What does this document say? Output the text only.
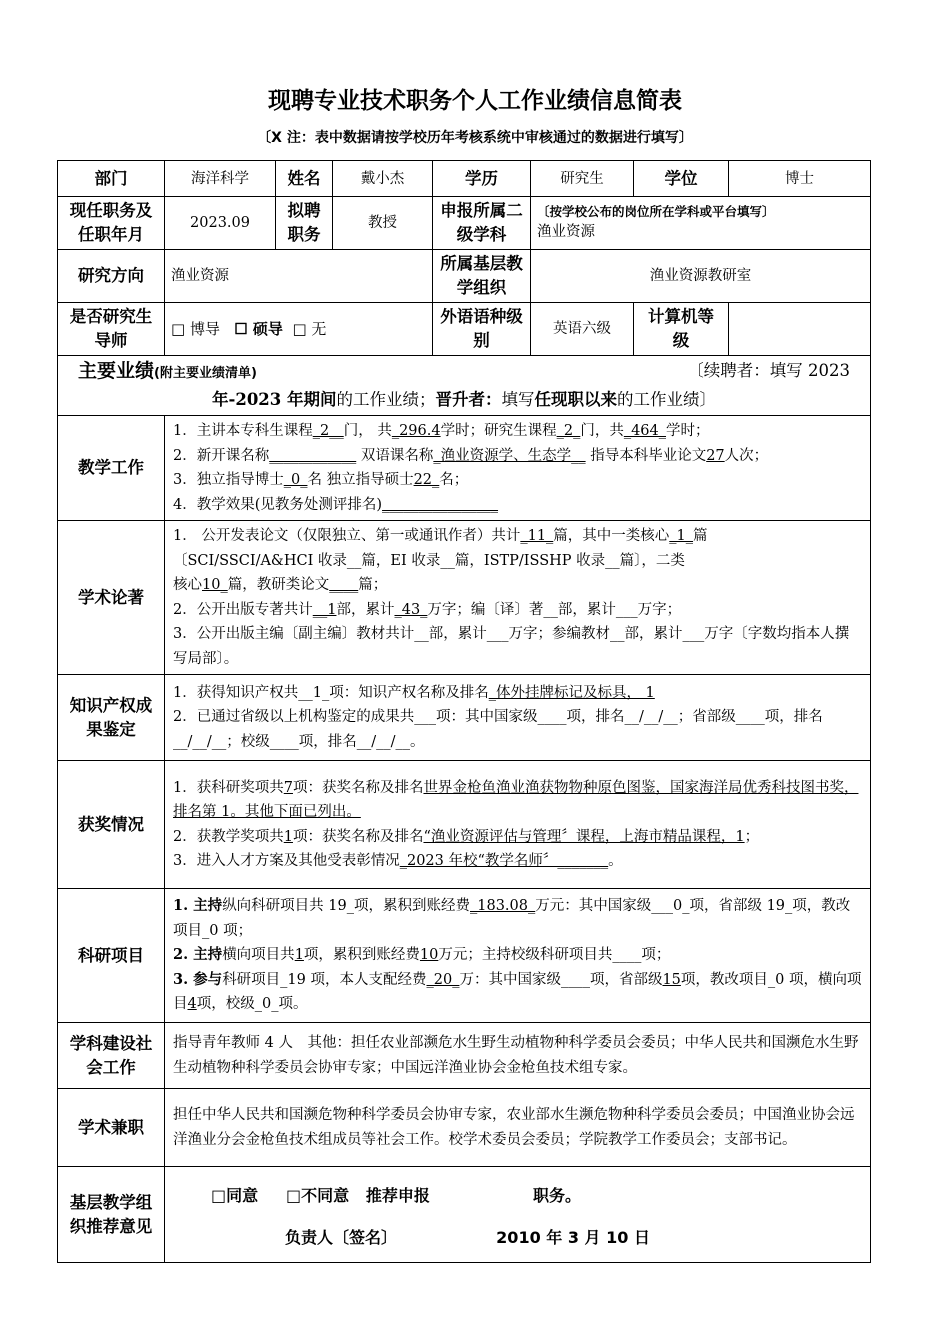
现聘专业技术职务个人工作业绩信息简表
〔X 注：表中数据请按学校历年考核系统中审核通过的数据进行填写〕
部门	海洋科学	姓名	戴小杰	学历	研究生	学位	博士
现任职务及任职年月	2023.09	拟聘职务	教授	申报所属二级学科	〔按学校公布的岗位所在学科或平台填写〕
渔业资源		
研究方向	渔业资源			所属基层教学组织	渔业资源教研室		
是否研究生导师	□ 博导 ☐ 硕导 □ 无			外语语种级别	英语六级	计算机等级	

主要业绩(附主要业绩清单) 〔续聘者：填写 2023
年-2023 年期间的工作业绩；晋升者：填写任现职以来的工作业绩〕							

教学工作	1．主讲本专科生课程_2__门， 共_296.4学时；研究生课程_2_门，共_464_学时；
2．新开课名称____________ 双语课名称_渔业资源学、生态学__ 指导本科毕业论文27人次；
3．独立指导博士_0_名 独立指导硕士22_名；
4．教学效果(见教务处测评排名)________________						

学术论著	1． 公开发表论文（仅限独立、第一或通讯作者）共计_11_篇，其中一类核心_1_篇
〔SCI/SSCI/A&HCI 收录__篇，EI 收录__篇，ISTP/ISSHP 收录__篇〕，二类
核心10_篇，教研类论文____篇；
2．公开出版专著共计__1部，累计_43_万字；编〔译〕著__部，累计___万字；
3．公开出版主编〔副主编〕教材共计__部，累计___万字；参编教材__部，累计___万字〔字数均指本人撰写局部〕。						

知识产权成果鉴定	1．获得知识产权共__1_项：知识产权名称及排名_体外挂牌标记及标具， 1
2．已通过省级以上机构鉴定的成果共___项：其中国家级____项，排名__/__/__；省部级____项，排名__/__/__；校级____项，排名__/__/__。						

获奖情况	1．获科研奖项共7项：获奖名称及排名世界金枪鱼渔业渔获物物种原色图鉴，国家海洋局优秀科技图书奖，排名第 1。其他下面已列出。
2．获教学奖项共1项：获奖名称及排名“渔业资源评估与管理〞课程，上海市精品课程，1；
3．进入人才方案及其他受表彰情况_2023 年校“教学名师〞_______。						

科研项目	1. 主持纵向科研项目共 19_项，累积到账经费_183.08_万元：其中国家级___0_项，省部级 19_项，教改项目_0 项；
2. 主持横向项目共1项，累积到账经费10万元；主持校级科研项目共____项；
3. 参与科研项目_19 项，本人支配经费_20_万：其中国家级____项，省部级15项，教改项目_0 项，横向项目4项，校级_0_项。						

学科建设社会工作	指导青年教师 4 人　其他：担任农业部濒危水生野生动植物种科学委员会委员；中华人民共和国濒危水生野生动植物种科学委员会协审专家；中国远洋渔业协会金枪鱼技术组专家。						
学术兼职	担任中华人民共和国濒危物种科学委员会协审专家，农业部水生濒危物种科学委员会委员；中国渔业协会远洋渔业分会金枪鱼技术组成员等社会工作。校学术委员会委员；学院教学工作委员会；支部书记。						
基层教学组织推荐意见	□同意 □不同意 推荐申报 职务。
负责人〔签名〕 2010 年 3 月 10 日						
